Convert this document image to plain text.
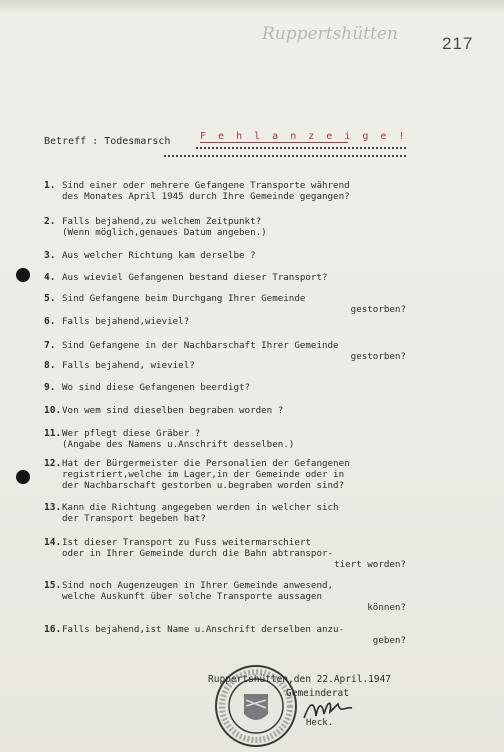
Ruppertshütten	217
Betreff : Todesmarsch	F e h l a n z e i g e !
1. Sind einer oder mehrere Gefangene Transporte während
des Monates April 1945 durch Ihre Gemeinde gegangen?
2. Falls bejahend,zu welchem Zeitpunkt?
(Wenn möglich,genaues Datum angeben.)
3. Aus welcher Richtung kam derselbe ?
4. Aus wieviel Gefangenen bestand dieser Transport?
5. Sind Gefangene beim Durchgang Ihrer Gemeinde
gestorben?
6. Falls bejahend,wieviel?
7. Sind Gefangene in der Nachbarschaft Ihrer Gemeinde
gestorben?
8. Falls bejahend, wieviel?
9. Wo sind diese Gefangenen beerdigt?
10. Von wem sind dieselben begraben worden ?
11. Wer pflegt diese Gräber ?
(Angabe des Namens u.Anschrift desselben.)
12. Hat der Bürgermeister die Personalien der Gefangenen
registriert,welche im Lager,in der Gemeinde oder in
der Nachbarschaft gestorben u.begraben worden sind?
13. Kann die Richtung angegeben werden in welcher sich
der Transport begeben hat?
14. Ist dieser Transport zu Fuss weitermarschiert
oder in Ihrer Gemeinde durch die Bahn abtranspor-
tiert worden?
15. Sind noch Augenzeugen in Ihrer Gemeinde anwesend,
welche Auskunft über solche Transporte aussagen
können?
16. Falls bejahend,ist Name u.Anschrift derselben anzu-
geben?
Ruppertshütten,den 22.April.1947
Gemeinderat
Heck.
